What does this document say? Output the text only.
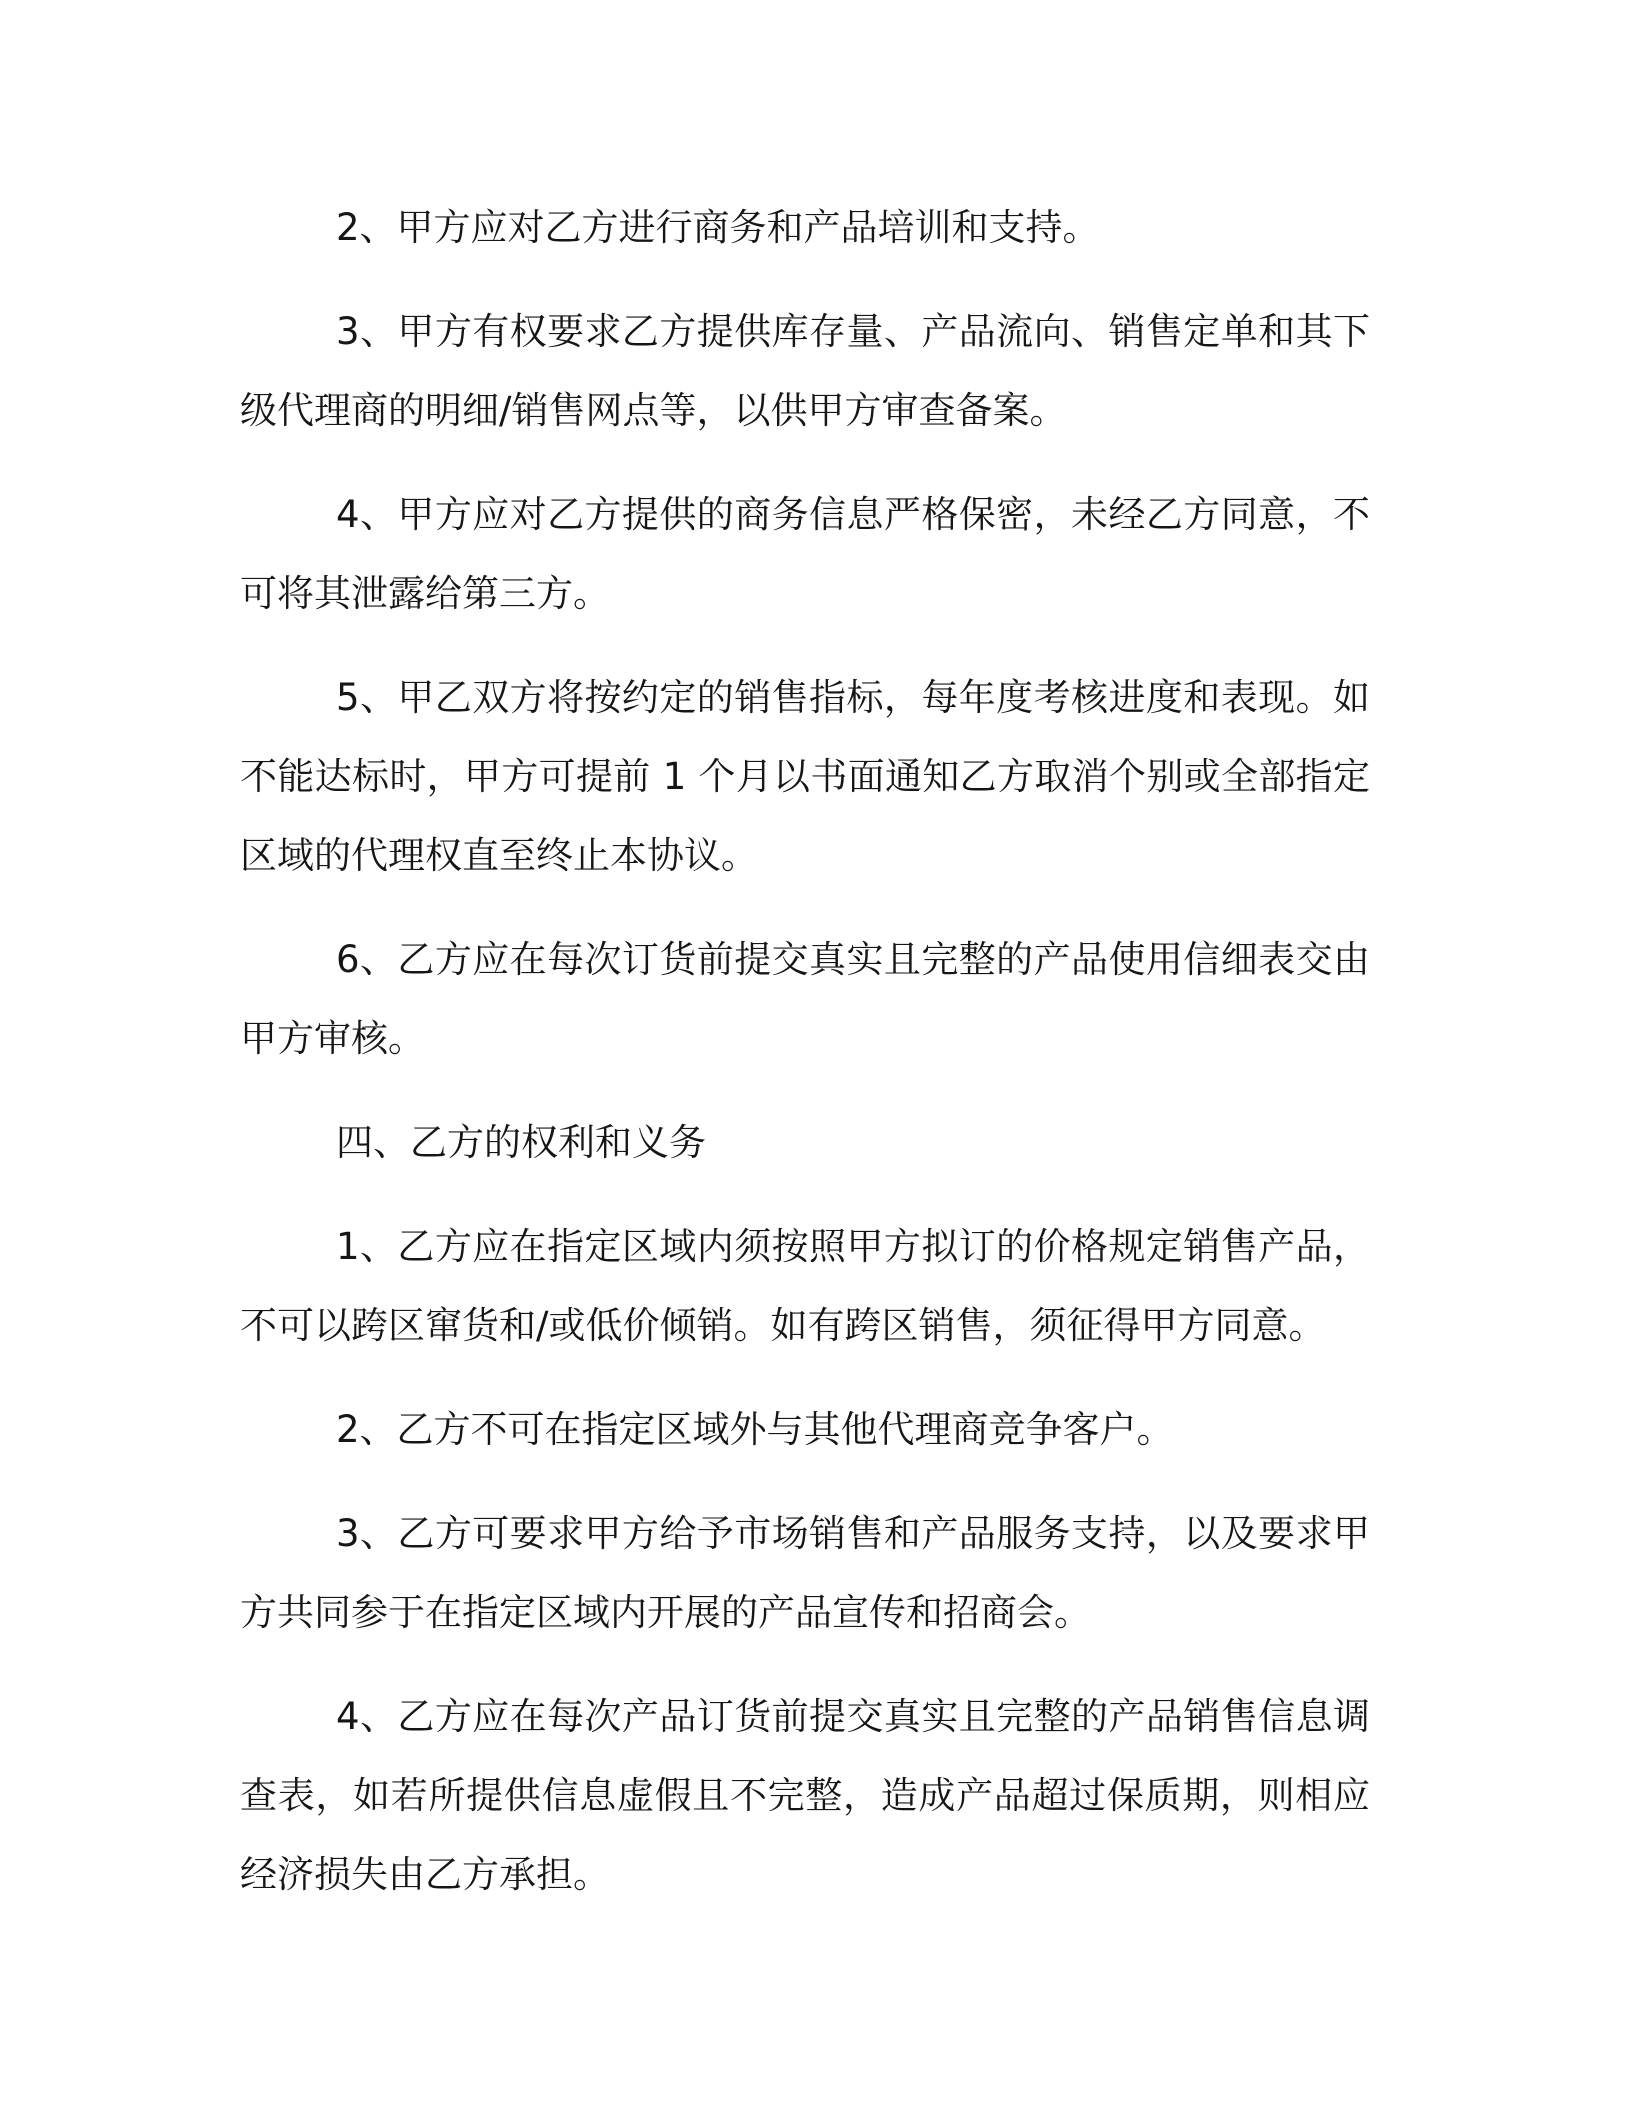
2、甲方应对乙方进行商务和产品培训和支持。

3、甲方有权要求乙方提供库存量、产品流向、销售定单和其下级代理商的明细/销售网点等，以供甲方审查备案。

4、甲方应对乙方提供的商务信息严格保密，未经乙方同意，不可将其泄露给第三方。

5、甲乙双方将按约定的销售指标，每年度考核进度和表现。如不能达标时，甲方可提前 1 个月以书面通知乙方取消个别或全部指定区域的代理权直至终止本协议。

6、乙方应在每次订货前提交真实且完整的产品使用信细表交由甲方审核。

四、乙方的权利和义务

1、乙方应在指定区域内须按照甲方拟订的价格规定销售产品，不可以跨区窜货和/或低价倾销。如有跨区销售，须征得甲方同意。

2、乙方不可在指定区域外与其他代理商竞争客户。

3、乙方可要求甲方给予市场销售和产品服务支持，以及要求甲方共同参于在指定区域内开展的产品宣传和招商会。

4、乙方应在每次产品订货前提交真实且完整的产品销售信息调查表，如若所提供信息虚假且不完整，造成产品超过保质期，则相应经济损失由乙方承担。
